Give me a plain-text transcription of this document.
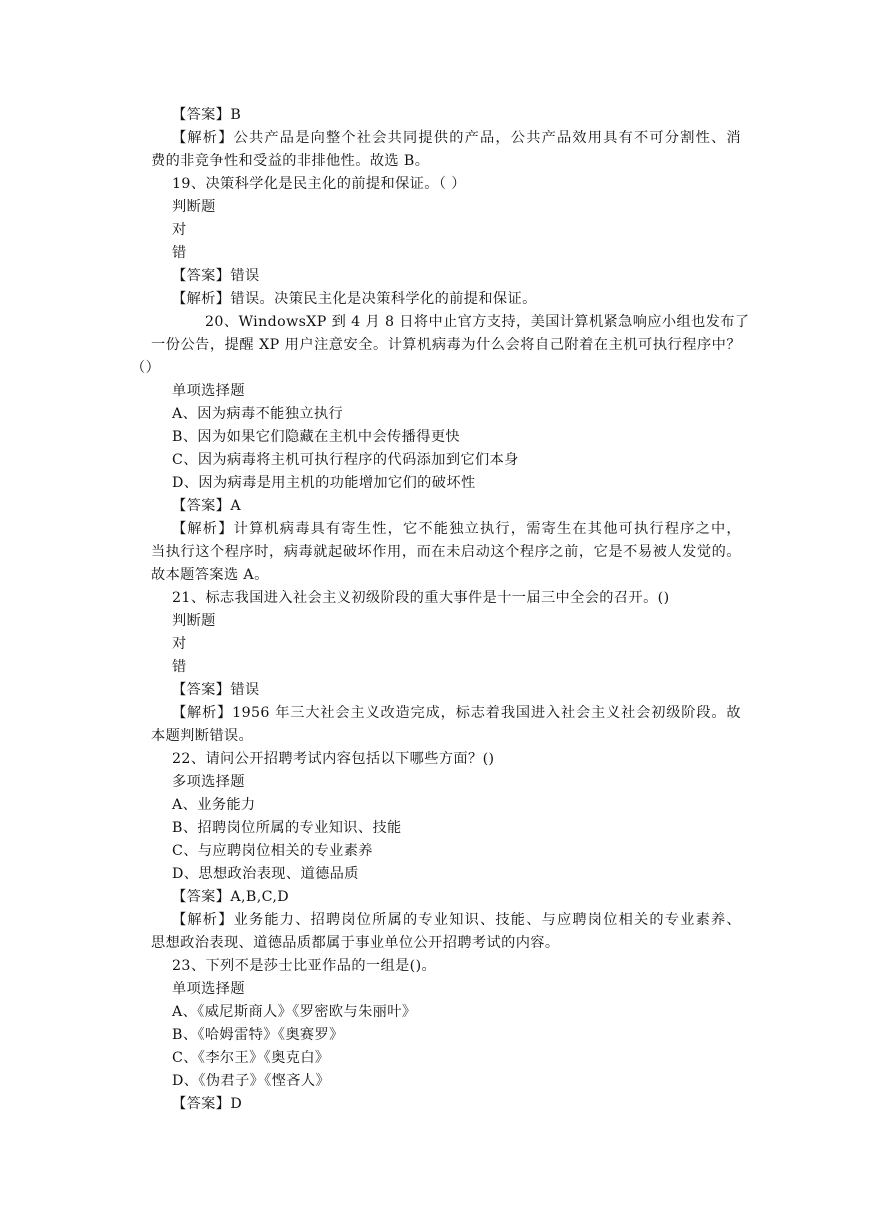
【答案】B
【解析】公共产品是向整个社会共同提供的产品，公共产品效用具有不可分割性、消
费的非竞争性和受益的非排他性。故选 B。
19、决策科学化是民主化的前提和保证。（ ）
判断题
对
错
【答案】错误
【解析】错误。决策民主化是决策科学化的前提和保证。
20、WindowsXP 到 4 月 8 日将中止官方支持，美国计算机紧急响应小组也发布了
一份公告，提醒 XP 用户注意安全。计算机病毒为什么会将自己附着在主机可执行程序中？
（）
单项选择题
A、因为病毒不能独立执行
B、因为如果它们隐藏在主机中会传播得更快
C、因为病毒将主机可执行程序的代码添加到它们本身
D、因为病毒是用主机的功能增加它们的破坏性
【答案】A
【解析】计算机病毒具有寄生性，它不能独立执行，需寄生在其他可执行程序之中，
当执行这个程序时，病毒就起破坏作用，而在未启动这个程序之前，它是不易被人发觉的。
故本题答案选 A。
21、标志我国进入社会主义初级阶段的重大事件是十一届三中全会的召开。()
判断题
对
错
【答案】错误
【解析】1956 年三大社会主义改造完成，标志着我国进入社会主义社会初级阶段。故
本题判断错误。
22、请问公开招聘考试内容包括以下哪些方面？()
多项选择题
A、业务能力
B、招聘岗位所属的专业知识、技能
C、与应聘岗位相关的专业素养
D、思想政治表现、道德品质
【答案】A,B,C,D
【解析】业务能力、招聘岗位所属的专业知识、技能、与应聘岗位相关的专业素养、
思想政治表现、道德品质都属于事业单位公开招聘考试的内容。
23、下列不是莎士比亚作品的一组是()。
单项选择题
A、《威尼斯商人》《罗密欧与朱丽叶》
B、《哈姆雷特》《奥赛罗》
C、《李尔王》《奥克白》
D、《伪君子》《悭吝人》
【答案】D
